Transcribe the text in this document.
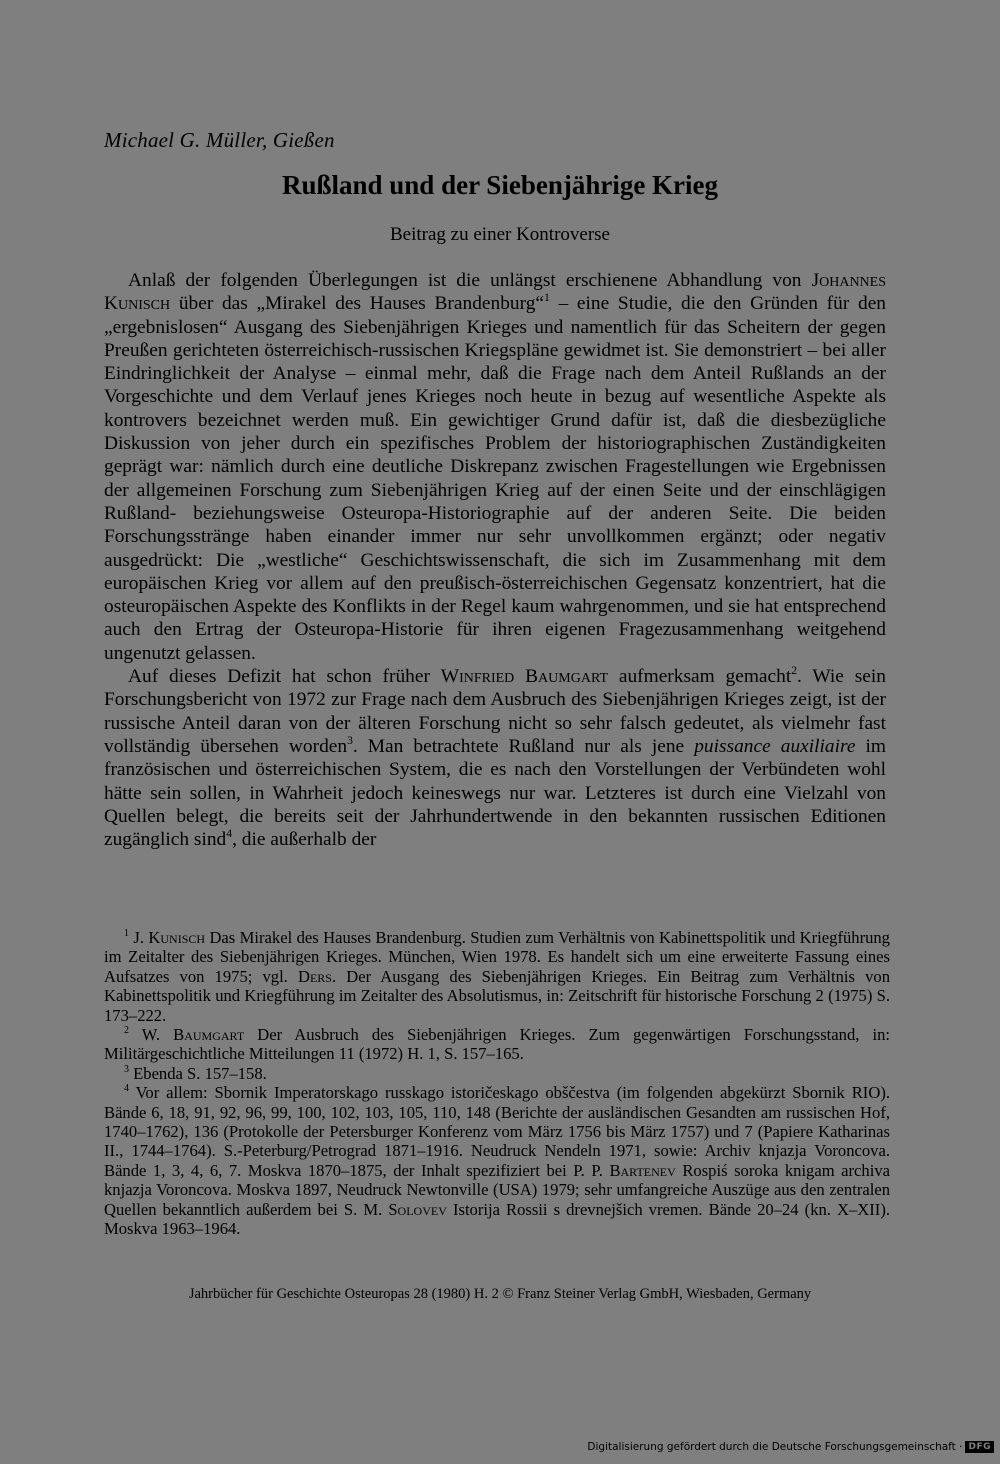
Michael G. Müller, Gießen
Rußland und der Siebenjährige Krieg
Beitrag zu einer Kontroverse

Anlaß der folgenden Überlegungen ist die unlängst erschienene Abhandlung von Johannes Kunisch über das „Mirakel des Hauses Brandenburg“$^1$ – eine Studie, die den Gründen für den „ergebnislosen“ Ausgang des Siebenjährigen Krieges und namentlich für das Scheitern der gegen Preußen gerichteten österreichisch-russischen Kriegspläne gewidmet ist. Sie demonstriert – bei aller Eindringlichkeit der Analyse – einmal mehr, daß die Frage nach dem Anteil Rußlands an der Vorgeschichte und dem Verlauf jenes Krieges noch heute in bezug auf wesentliche Aspekte als kontrovers bezeichnet werden muß. Ein gewichtiger Grund dafür ist, daß die diesbezügliche Diskussion von jeher durch ein spezifisches Problem der historiographischen Zuständigkeiten geprägt war: nämlich durch eine deutliche Diskrepanz zwischen Fragestellungen wie Ergebnissen der allgemeinen Forschung zum Siebenjährigen Krieg auf der einen Seite und der einschlägigen Rußland- beziehungsweise Osteuropa-Historiographie auf der anderen Seite. Die beiden Forschungsstränge haben einander immer nur sehr unvollkommen ergänzt; oder negativ ausgedrückt: Die „westliche“ Geschichtswissenschaft, die sich im Zusammenhang mit dem europäischen Krieg vor allem auf den preußisch-österreichischen Gegensatz konzentriert, hat die osteuropäischen Aspekte des Konflikts in der Regel kaum wahrgenommen, und sie hat entsprechend auch den Ertrag der Osteuropa-Historie für ihren eigenen Fragezusammenhang weitgehend ungenutzt gelassen.

Auf dieses Defizit hat schon früher Winfried Baumgart aufmerksam gemacht$^2$. Wie sein Forschungsbericht von 1972 zur Frage nach dem Ausbruch des Siebenjährigen Krieges zeigt, ist der russische Anteil daran von der älteren Forschung nicht so sehr falsch gedeutet, als vielmehr fast vollständig übersehen worden$^3$. Man betrachtete Rußland nur als jene puissance auxiliaire im französischen und österreichischen System, die es nach den Vorstellungen der Verbündeten wohl hätte sein sollen, in Wahrheit jedoch keineswegs nur war. Letzteres ist durch eine Vielzahl von Quellen belegt, die bereits seit der Jahrhundertwende in den bekannten russischen Editionen zugänglich sind$^4$, die außerhalb der

$^1$ J. Kunisch Das Mirakel des Hauses Brandenburg. Studien zum Verhältnis von Kabinettspolitik und Kriegführung im Zeitalter des Siebenjährigen Krieges. München, Wien 1978. Es handelt sich um eine erweiterte Fassung eines Aufsatzes von 1975; vgl. Ders. Der Ausgang des Siebenjährigen Krieges. Ein Beitrag zum Verhältnis von Kabinettspolitik und Kriegführung im Zeitalter des Absolutismus, in: Zeitschrift für historische Forschung 2 (1975) S. 173–222.

$^2$ W. Baumgart Der Ausbruch des Siebenjährigen Krieges. Zum gegenwärtigen Forschungsstand, in: Militärgeschichtliche Mitteilungen 11 (1972) H. 1, S. 157–165.

$^3$ Ebenda S. 157–158.

$^4$ Vor allem: Sbornik Imperatorskago russkago istoričeskago obščestva (im folgenden abgekürzt Sbornik RIO). Bände 6, 18, 91, 92, 96, 99, 100, 102, 103, 105, 110, 148 (Berichte der ausländischen Gesandten am russischen Hof, 1740–1762), 136 (Protokolle der Petersburger Konferenz vom März 1756 bis März 1757) und 7 (Papiere Katharinas II., 1744–1764). S.-Peterburg/Petrograd 1871–1916. Neudruck Nendeln 1971, sowie: Archiv knjazja Voroncova. Bände 1, 3, 4, 6, 7. Moskva 1870–1875, der Inhalt spezifiziert bei P. P. Bartenev Rospiś soroka knigam archiva knjazja Voroncova. Moskva 1897, Neudruck Newtonville (USA) 1979; sehr umfangreiche Auszüge aus den zentralen Quellen bekanntlich außerdem bei S. M. Solovev Istorija Rossii s drevnejšich vremen. Bände 20–24 (kn. X–XII). Moskva 1963–1964.

Jahrbücher für Geschichte Osteuropas 28 (1980) H. 2 © Franz Steiner Verlag GmbH, Wiesbaden, Germany
Digitalisierung gefördert durch die Deutsche Forschungsgemeinschaft · DFG
